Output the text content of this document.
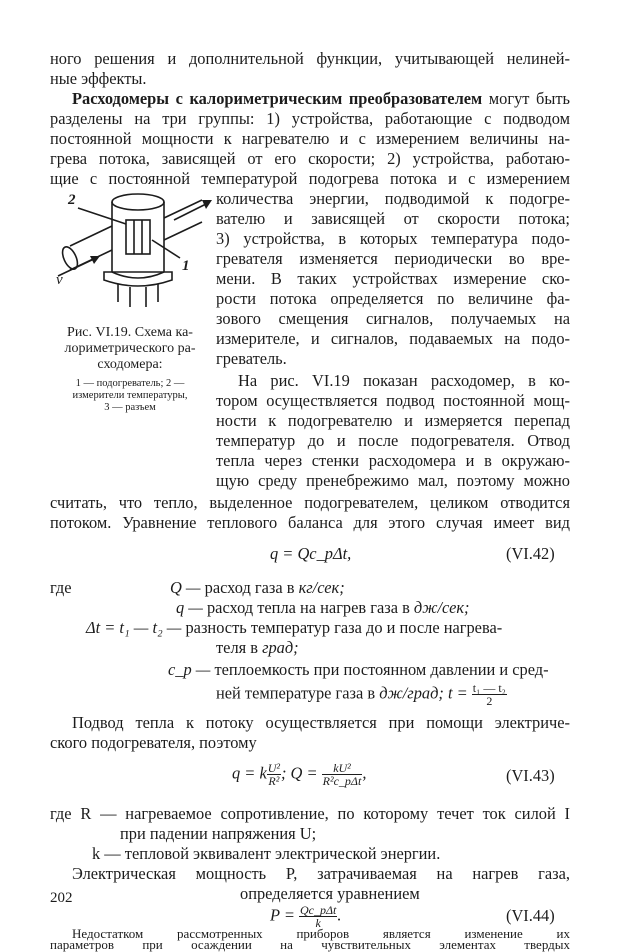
ного решения и дополнительной функции, учитывающей нелиней-
ные эффекты.
Расходомеры с калориметрическим преобразователем могут быть
разделены на три группы: 1) устройства, работающие с подводом
постоянной мощности к нагревателю и с измерением величины на-
грева потока, зависящей от его скорости; 2) устройства, работаю-
щие с постоянной температурой подогрева потока и с измерением
количества энергии, подводимой к подогре-
вателю и зависящей от скорости потока;
3) устройства, в которых температура подо-
гревателя изменяется периодически во вре-
мени. В таких устройствах измерение ско-
рости потока определяется по величине фа-
зового смещения сигналов, получаемых на
измерителе, и сигналов, подаваемых на подо-
греватель.
На рис. VI.19 показан расходомер, в ко-
тором осуществляется подвод постоянной мощ-
ности к подогревателю и измеряется перепад
температур до и после подогревателя. Отвод
тепла через стенки расходомера и в окружаю-
щую среду пренебрежимо мал, поэтому можно
считать, что тепло, выделенное подогревателем, целиком отводится
потоком. Уравнение теплового баланса для этого случая имеет вид
2
1
v
Рис. VI.19. Схема ка-
лориметрического ра-
сходомера:
1 — подогреватель; 2 —
измерители температуры,
3 — разъем
q = Qc_pΔt,	(VI.42)
где	Q — расход газа в кг/сек;
q — расход тепла на нагрев газа в дж/сек;
Δt = t₁ — t₂ — разность температур газа до и после нагрева-
теля в град;
c_p — теплоемкость при постоянном давлении и сред-
ней температуре газа в дж/град; $t = \frac{\text{t₁ — t₂}}{2}$
Подвод тепла к потоку осуществляется при помощи электриче-
ского подогревателя, поэтому
q = k $\frac{\text{U²}}{\text{R²}}$ ; $Q = \frac{\text{kU²}}{\text{R²c\_pΔt}}$ ,	(VI.43)
где R — нагреваемое сопротивление, по которому течет ток силой I
при падении напряжения U;
k — тепловой эквивалент электрической энергии.
202
Электрическая мощность P, затрачиваемая на нагрев газа,
определяется уравнением
$P = \frac{\text{Qc\_pΔt}}{k}$ .	(VI.44)
Недостатком рассмотренных приборов является изменение их
параметров при осаждении на чувствительных элементах твердых
